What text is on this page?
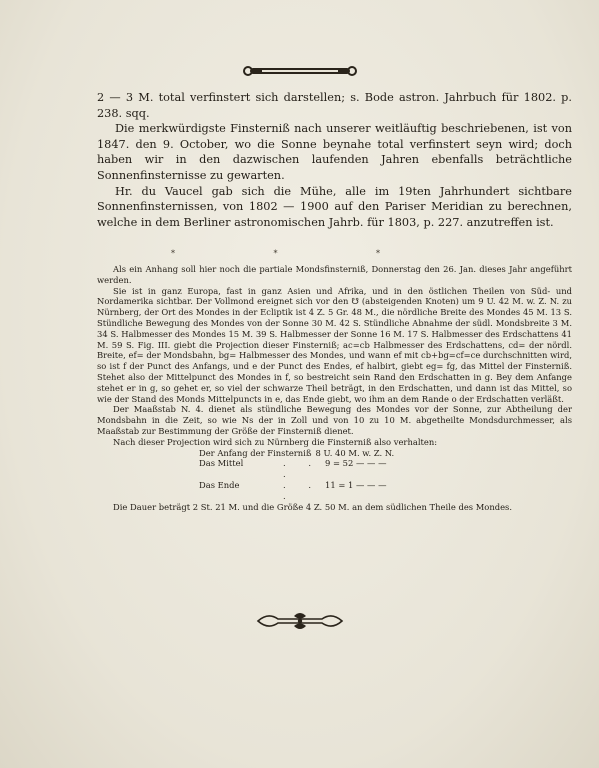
2 — 3 M. total verfinstert sich darstellen; s. Bode astron. Jahrbuch für 1802. p. 238. sqq.

Die merkwürdigste Finsterniß nach unserer weitläuftig beschriebenen, ist von 1847. den 9. October, wo die Sonne beynahe total verfinstert seyn wird; doch haben wir in den dazwischen laufenden Jahren ebenfalls beträchtliche Sonnenfinsternisse zu gewarten.

Hr. du Vaucel gab sich die Mühe, alle im 19ten Jahrhundert sichtbare Sonnenfinsternissen, von 1802 — 1900 auf den Pariser Meridian zu berechnen, welche in dem Berliner astronomischen Jahrb. für 1803, p. 227. anzutreffen ist.

* * *

Als ein Anhang soll hier noch die partiale Mondsfinsterniß, Donnerstag den 26. Jan. dieses Jahr angeführt werden.

Sie ist in ganz Europa, fast in ganz Asien und Afrika, und in den östlichen Theilen von Süd- und Nordamerika sichtbar. Der Vollmond ereignet sich vor den ☋ (absteigenden Knoten) um 9 U. 42 M. w. Z. N. zu Nürnberg, der Ort des Mondes in der Ecliptik ist 4 Z. 5 Gr. 48 M., die nördliche Breite des Mondes 45 M. 13 S. Stündliche Bewegung des Mondes von der Sonne 30 M. 42 S. Stündliche Abnahme der südl. Mondsbreite 3 M. 34 S. Halbmesser des Mondes 15 M. 39 S. Halbmesser der Sonne 16 M. 17 S. Halbmesser des Erdschattens 41 M. 59 S. Fig. III. giebt die Projection dieser Finsterniß; ac=cb Halbmesser des Erdschattens, cd= der nördl. Breite, ef= der Mondsbahn, bg= Halbmesser des Mondes, und wann ef mit cb+bg=cf=ce durchschnitten wird, so ist f der Punct des Anfangs, und e der Punct des Endes, ef halbirt, giebt eg= fg, das Mittel der Finsterniß. Stehet also der Mittelpunct des Mondes in f, so bestreicht sein Rand den Erdschatten in g. Bey dem Anfange stehet er in g, so gehet er, so viel der schwarze Theil beträgt, in den Erdschatten, und dann ist das Mittel, so wie der Stand des Monds Mittelpuncts in e, das Ende giebt, wo ihm an dem Rande o der Erdschatten verläßt.

Der Maaßstab N. 4. dienet als stündliche Bewegung des Mondes vor der Sonne, zur Abtheilung der Mondsbahn in die Zeit, so wie Ns der in Zoll und von 10 zu 10 M. abgetheilte Mondsdurchmesser, als Maaßstab zur Bestimmung der Größe der Finsterniß dienet.

Nach dieser Projection wird sich zu Nürnberg die Finsterniß also verhalten:

Der Anfang der Finsterniß 8 U. 40 M. w. Z. N.
Das Mittel	. . .
9 = 52 — — —
Das Ende	. . .
11 = 1 — — —

Die Dauer beträgt 2 St. 21 M. und die Größe 4 Z. 50 M. an dem südlichen Theile des Mondes.
